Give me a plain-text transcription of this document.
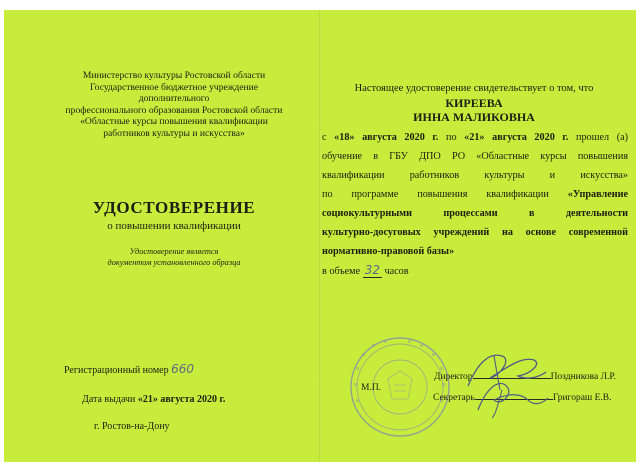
Министерство культуры Ростовской области
Государственное бюджетное учреждение дополнительного
профессионального образования Ростовской области
«Областные курсы повышения квалификации
работников культуры и искусства»
УДОСТОВЕРЕНИЕ
о повышении квалификации
Удостоверение является
документом установленного образца
Регистрационный номер 660
Дата выдачи «21» августа 2020 г.
г. Ростов-на-Дону
Настоящее удостоверение свидетельствует о том, что
КИРЕЕВА
ИННА МАЛИКОВНА
с «18» августа 2020 г. по «21» августа 2020 г. прошел (а)
обучение в ГБУ ДПО РО «Областные курсы повышения
квалификации работников культуры и искусства»
по программе повышения квалификации «Управление
социокультурными процессами в деятельности
культурно-досуговых учреждений на основе современной
нормативно-правовой базы»
в объеме 32 часов
М.П.
Директор	Поздникова Л.Р.
Секретарь	Григораш Е.В.
